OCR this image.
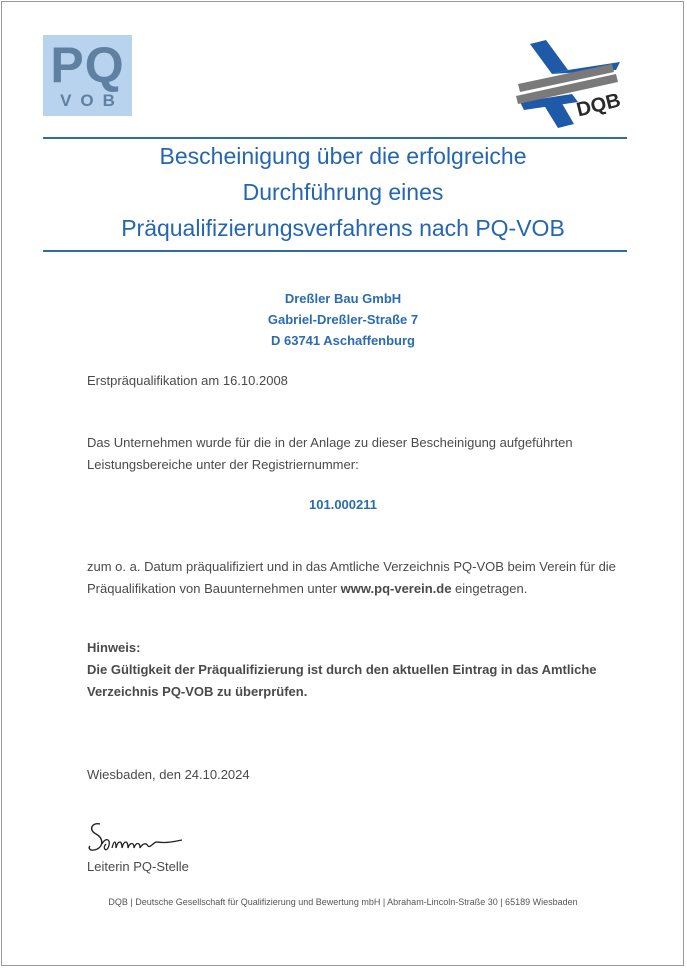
PQ
VOB	DQB
Bescheinigung über die erfolgreiche
Durchführung eines
Präqualifizierungsverfahrens nach PQ-VOB
Dreßler Bau GmbH
Gabriel-Dreßler-Straße 7
D 63741 Aschaffenburg
Erstpräqualifikation am 16.10.2008
Das Unternehmen wurde für die in der Anlage zu dieser Bescheinigung aufgeführten
Leistungsbereiche unter der Registriernummer:
101.000211
zum o. a. Datum präqualifiziert und in das Amtliche Verzeichnis PQ-VOB beim Verein für die
Präqualifikation von Bauunternehmen unter www.pq-verein.de eingetragen.
Hinweis:
Die Gültigkeit der Präqualifizierung ist durch den aktuellen Eintrag in das Amtliche
Verzeichnis PQ-VOB zu überprüfen.
Wiesbaden, den 24.10.2024
Leiterin PQ-Stelle
DQB | Deutsche Gesellschaft für Qualifizierung und Bewertung mbH | Abraham-Lincoln-Straße 30 | 65189 Wiesbaden
